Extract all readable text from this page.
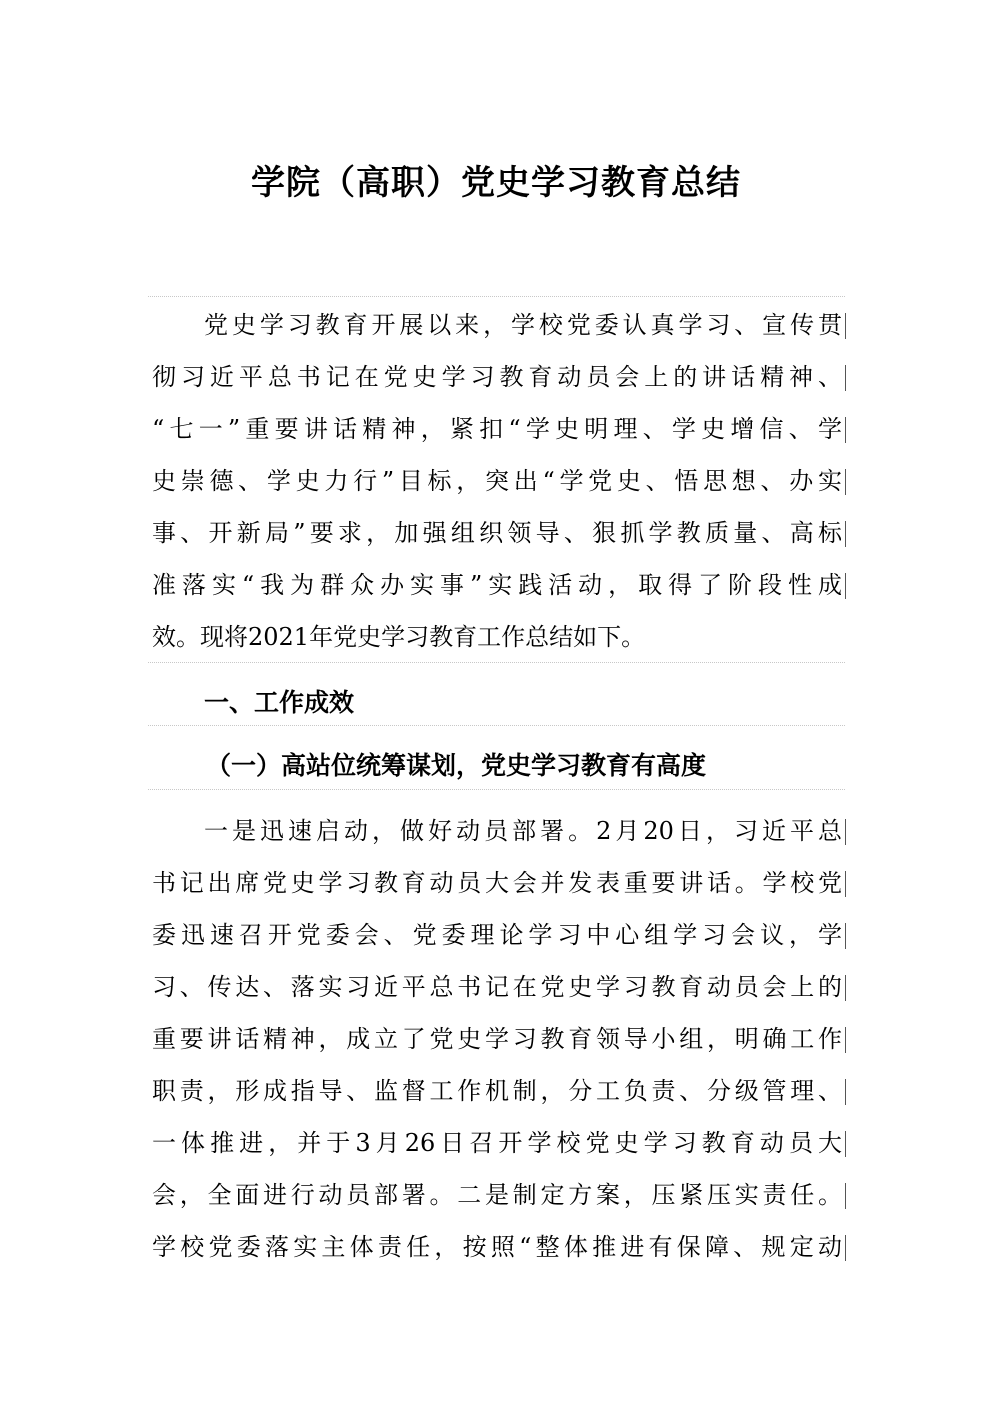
学院（高职）党史学习教育总结
党史学习教育开展以来，学校党委认真学习、宣传贯
彻习近平总书记在党史学习教育动员会上的讲话精神、
“七一”重要讲话精神，紧扣“学史明理、学史增信、学
史崇德、学史力行”目标，突出“学党史、悟思想、办实
事、开新局”要求，加强组织领导、狠抓学教质量、高标
准落实“我为群众办实事”实践活动，取得了阶段性成
效。现将2021年党史学习教育工作总结如下。
一、工作成效
（一）高站位统筹谋划，党史学习教育有高度
一是迅速启动，做好动员部署。2月20日，习近平总
书记出席党史学习教育动员大会并发表重要讲话。学校党
委迅速召开党委会、党委理论学习中心组学习会议，学
习、传达、落实习近平总书记在党史学习教育动员会上的
重要讲话精神，成立了党史学习教育领导小组，明确工作
职责，形成指导、监督工作机制，分工负责、分级管理、
一体推进，并于3月26日召开学校党史学习教育动员大
会，全面进行动员部署。二是制定方案，压紧压实责任。
学校党委落实主体责任，按照“整体推进有保障、规定动
